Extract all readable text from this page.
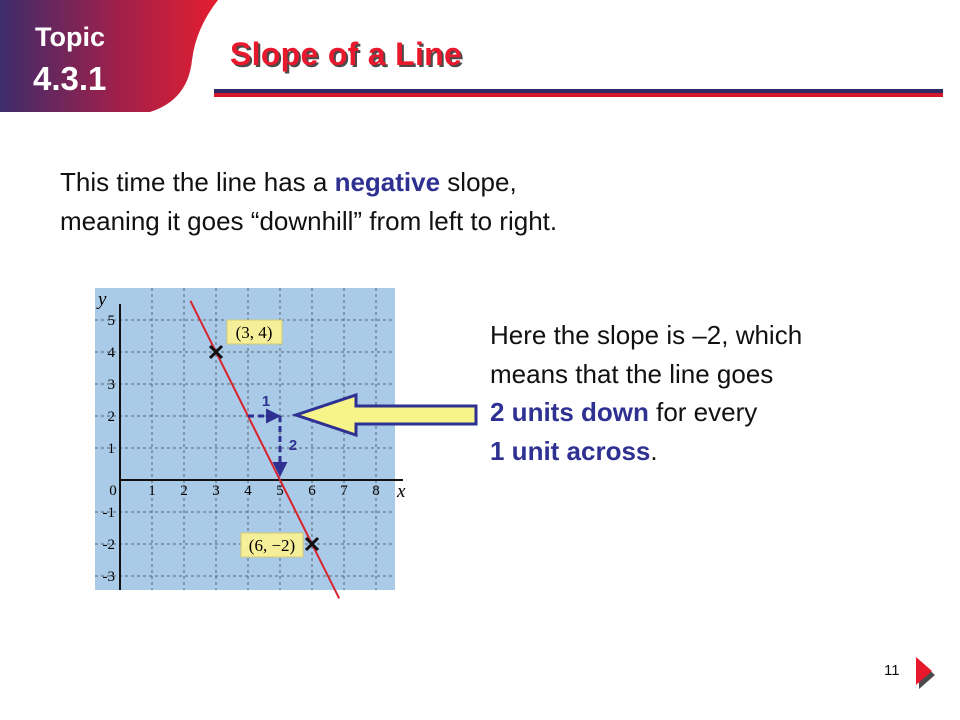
Topic
4.3.1
Slope of a Line
This time the line has a negative slope,
meaning it goes “downhill” from left to right.
1 2 3 4 5 6 7 8
5
4
3
2
1
-1
-2
-3
0	x
y
(3, 4)
(6, −2)
1
2
Here the slope is –2, which
means that the line goes
2 units down for every
1 unit across.
11
